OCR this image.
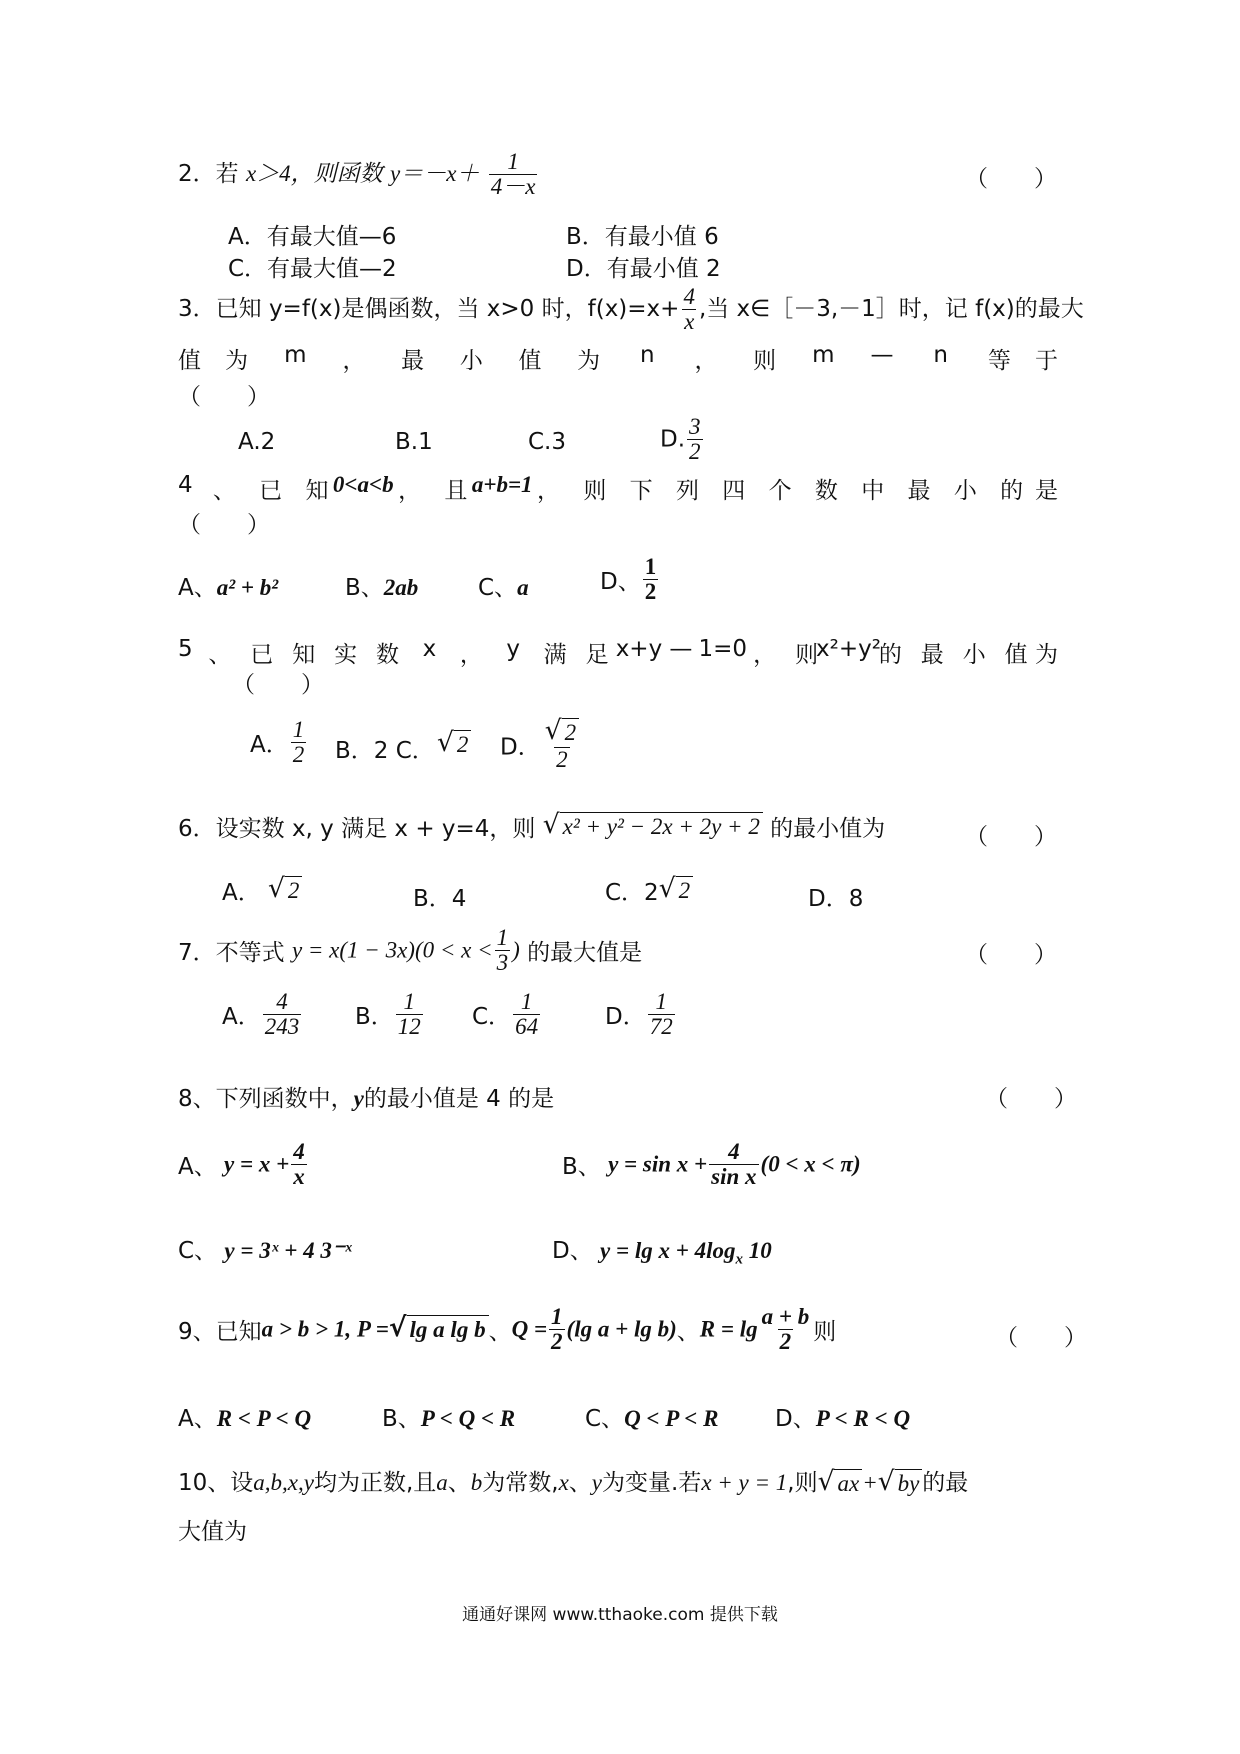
2．若 x＞4，则函数 $y=-x+ \frac{1}{4-x}$	（　　）
A．有最大值—6	B．有最小值 6
C．有最大值—2	D．有最小值 2
3．已知 y=f(x)是偶函数，当 x>0 时，$f(x)=x+ \frac{4}{x}$ ,当 x∈［－3,－1］时，记 f(x)的最大
值 为 m ， 最 小 值 为 n ， 则 m — n 等 于
（　　）
A.2	B.1	C.3	D. $\frac{3}{2}$
4 、 已 知 0<a<b ， 且 a+b=1 ， 则 下 列 四 个 数 中 最 小 的 是
（　　）
A、a² + b²	B、2ab	C、a	D、 $\frac{1}{2}$
5 、 已 知 实 数 x ， y 满 足 x+y — 1=0 ， 则
x²+y²
的 最 小 值 为
（　　）
A． $\frac{1}{2}$ B．2 C． √ 2 D． $\frac{√ 2}{2}$
6．设实数 x, y 满足 x + y=4，则 √ x² + y² − 2x + 2y + 2 的最小值为	（　　）
A． √ 2	B．4	C．2 √ 2	D．8
7．不等式 $y = x(1 - 3x)(0 < x < \frac{1}{3}$ ) 的最大值是	（　　）
A． $\frac{4}{243}$ B． $\frac{1}{12}$ C． $\frac{1}{64}$	D． $\frac{1}{72}$
8、下列函数中，y的最小值是 4 的是	（　　）
A、 $y = x + \frac{4}{x}$	B、 $y = \sin x + \frac{4}{\text{sin x}} (0 < x < \pi)$
C、 y = 3ˣ + 4 3⁻ˣ	D、 $y = \lg x + 4\log_x$ 10
9、已知a > b > 1, P = √ lg a lg b 、$Q = \frac{1}{2} (\lg$ a + lg b)、$R = \lg \frac{a + b}{2}$ 则	（　　）
A、R < P < Q	B、P < Q < R	C、Q < P < R D、P < R < Q
10、设a,b,x,y均为正数,且a、b为常数,x、y为变量.若x + y = 1,则 √ ax + √ by 的最
大值为
通通好课网 www.tthaoke.com 提供下载
